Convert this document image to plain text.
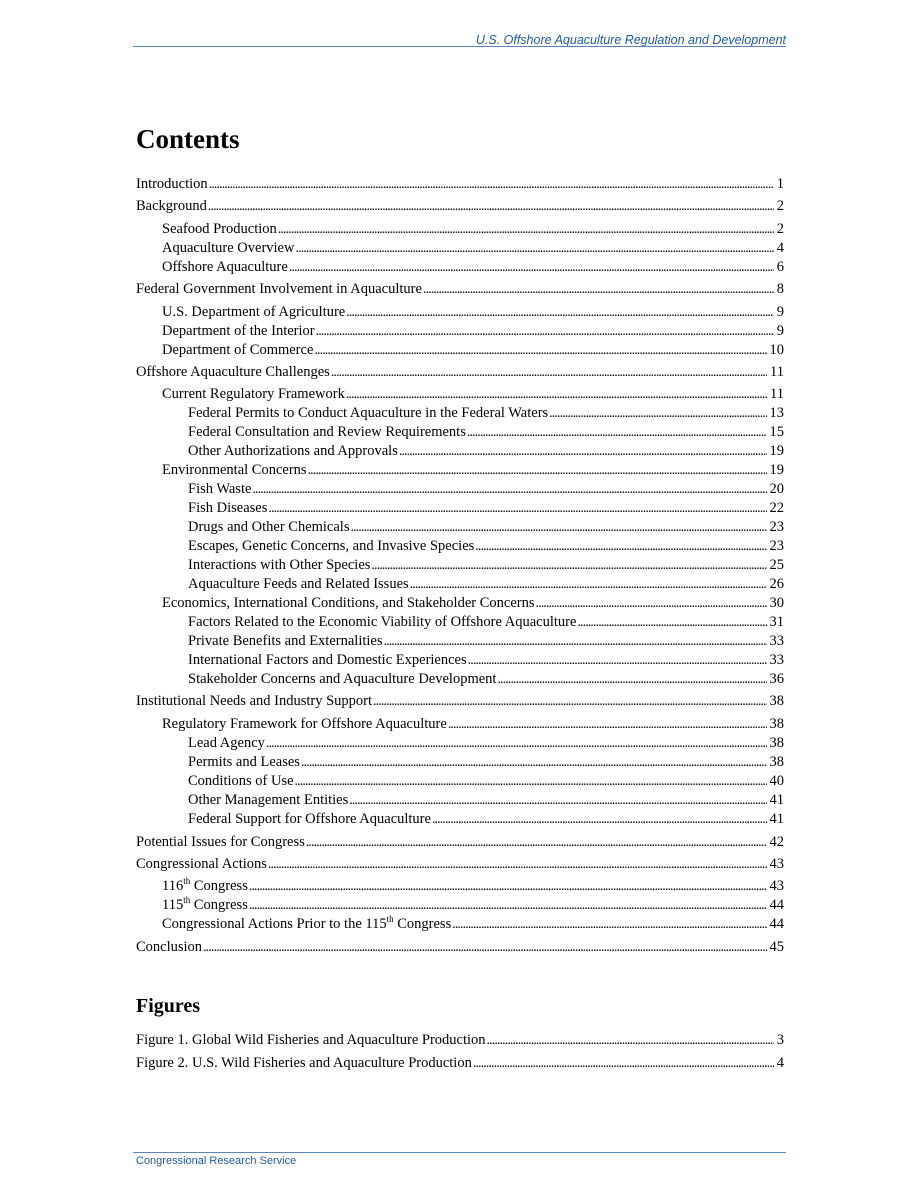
U.S. Offshore Aquaculture Regulation and Development
Contents
Introduction . . .	1
Background . . .	2
Seafood Production . . .	2
Aquaculture Overview . . .	4
Offshore Aquaculture . . .	6
Federal Government Involvement in Aquaculture . . .	8
U.S. Department of Agriculture . . .	9
Department of the Interior . . .	9
Department of Commerce . . .	10
Offshore Aquaculture Challenges . . .	11
Current Regulatory Framework . . .	11
Federal Permits to Conduct Aquaculture in the Federal Waters . . .	13
Federal Consultation and Review Requirements . . .	15
Other Authorizations and Approvals . . .	19
Environmental Concerns . . .	19
Fish Waste . . .	20
Fish Diseases . . .	22
Drugs and Other Chemicals . . .	23
Escapes, Genetic Concerns, and Invasive Species . . .	23
Interactions with Other Species . . .	25
Aquaculture Feeds and Related Issues . . .	26
Economics, International Conditions, and Stakeholder Concerns . . .	30
Factors Related to the Economic Viability of Offshore Aquaculture . . .	31
Private Benefits and Externalities . . .	33
International Factors and Domestic Experiences . . .	33
Stakeholder Concerns and Aquaculture Development . . .	36
Institutional Needs and Industry Support . . .	38
Regulatory Framework for Offshore Aquaculture . . .	38
Lead Agency . . .	38
Permits and Leases . . .	38
Conditions of Use . . .	40
Other Management Entities . . .	41
Federal Support for Offshore Aquaculture . . .	41
Potential Issues for Congress . . .	42
Congressional Actions . . .	43
116th Congress . . .	43
115th Congress . . .	44
Congressional Actions Prior to the 115th Congress . . .	44
Conclusion . . .	45
Figures
Figure 1. Global Wild Fisheries and Aquaculture Production . . .	3
Figure 2. U.S. Wild Fisheries and Aquaculture Production . . .	4
Congressional Research Service
